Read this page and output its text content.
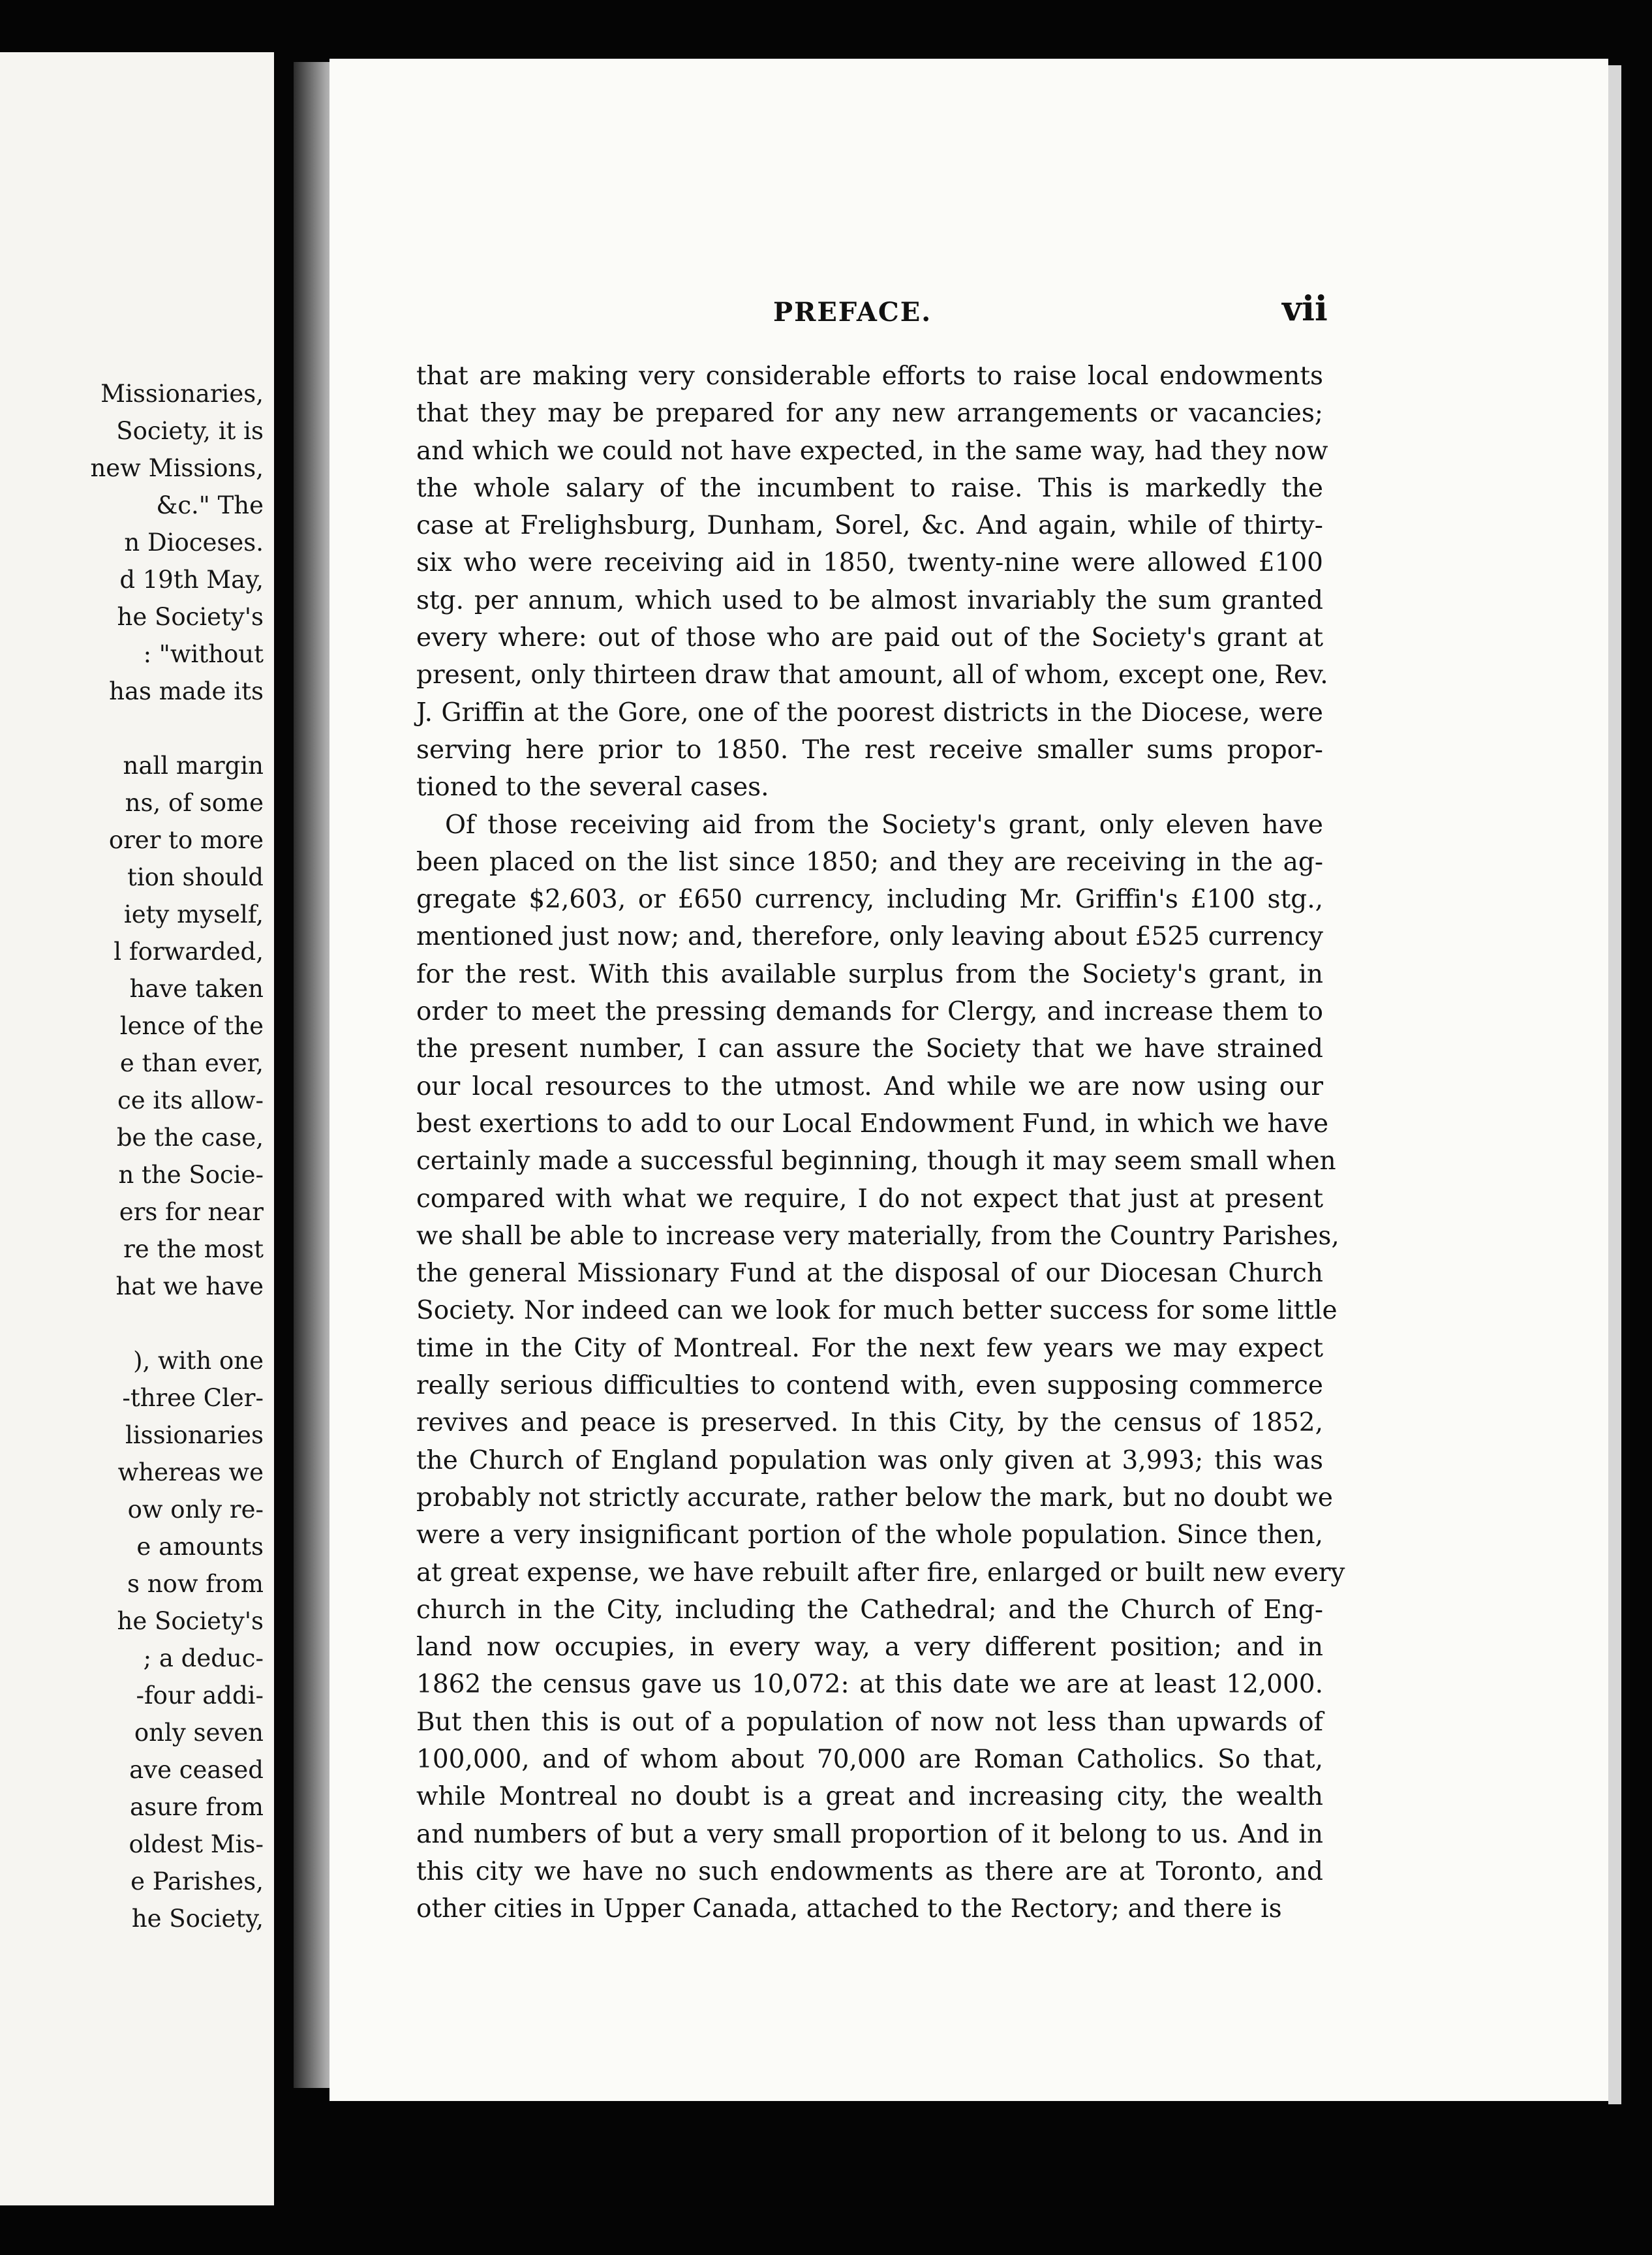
Missionaries,
Society, it is
new Missions,
&c." The
n Dioceses.
d 19th May,
he Society's
: "without
has made its
nall margin
ns, of some
orer to more
tion should
iety myself,
l forwarded,
have taken
lence of the
e than ever,
ce its allow-
be the case,
n the Socie-
ers for near
re the most
hat we have
), with one
-three Cler-
lissionaries
whereas we
ow only re-
e amounts
s now from
he Society's
; a deduc-
-four addi-
only seven
ave ceased
asure from
oldest Mis-
e Parishes,
he Society,
PREFACE.	vii
that are making very considerable efforts to raise local endowments
that they may be prepared for any new arrangements or vacancies;
and which we could not have expected, in the same way, had they now
the whole salary of the incumbent to raise. This is markedly the
case at Frelighsburg, Dunham, Sorel, &c. And again, while of thirty-
six who were receiving aid in 1850, twenty-nine were allowed £100
stg. per annum, which used to be almost invariably the sum granted
every where: out of those who are paid out of the Society's grant at
present, only thirteen draw that amount, all of whom, except one, Rev.
J. Griffin at the Gore, one of the poorest districts in the Diocese, were
serving here prior to 1850. The rest receive smaller sums propor-
tioned to the several cases.
Of those receiving aid from the Society's grant, only eleven have
been placed on the list since 1850; and they are receiving in the ag-
gregate $2,603, or £650 currency, including Mr. Griffin's £100 stg.,
mentioned just now; and, therefore, only leaving about £525 currency
for the rest. With this available surplus from the Society's grant, in
order to meet the pressing demands for Clergy, and increase them to
the present number, I can assure the Society that we have strained
our local resources to the utmost. And while we are now using our
best exertions to add to our Local Endowment Fund, in which we have
certainly made a successful beginning, though it may seem small when
compared with what we require, I do not expect that just at present
we shall be able to increase very materially, from the Country Parishes,
the general Missionary Fund at the disposal of our Diocesan Church
Society. Nor indeed can we look for much better success for some little
time in the City of Montreal. For the next few years we may expect
really serious difficulties to contend with, even supposing commerce
revives and peace is preserved. In this City, by the census of 1852,
the Church of England population was only given at 3,993; this was
probably not strictly accurate, rather below the mark, but no doubt we
were a very insignificant portion of the whole population. Since then,
at great expense, we have rebuilt after fire, enlarged or built new every
church in the City, including the Cathedral; and the Church of Eng-
land now occupies, in every way, a very different position; and in
1862 the census gave us 10,072: at this date we are at least 12,000.
But then this is out of a population of now not less than upwards of
100,000, and of whom about 70,000 are Roman Catholics. So that,
while Montreal no doubt is a great and increasing city, the wealth
and numbers of but a very small proportion of it belong to us. And in
this city we have no such endowments as there are at Toronto, and
other cities in Upper Canada, attached to the Rectory; and there is
